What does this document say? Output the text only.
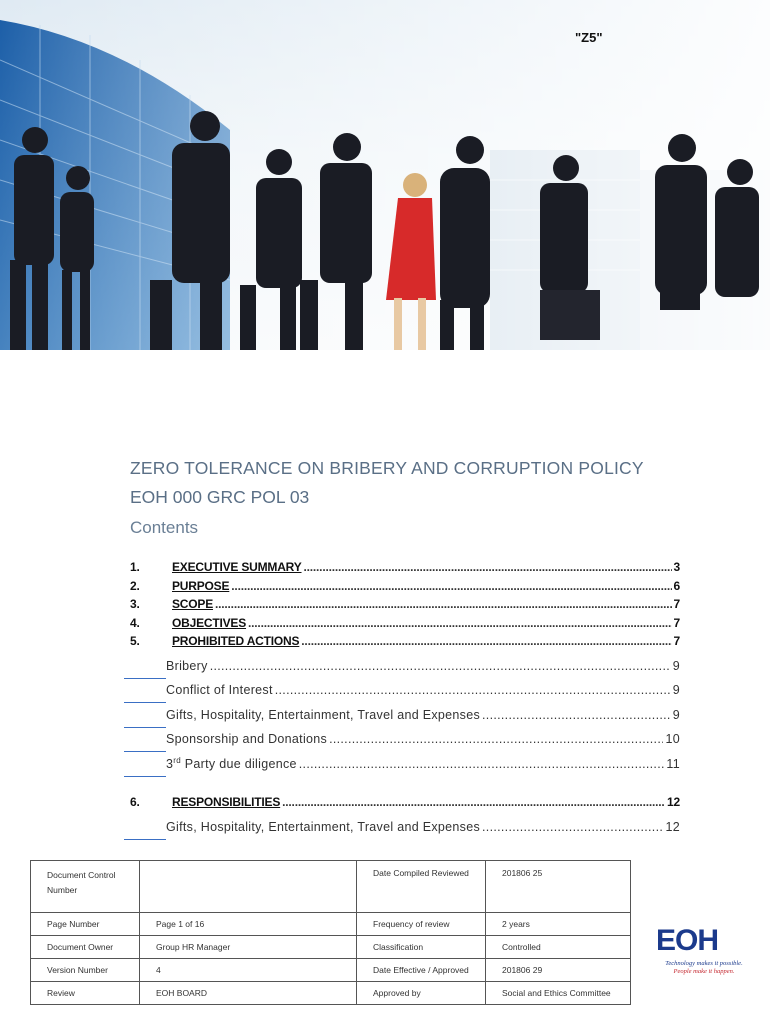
"Z5"
ZERO TOLERANCE ON BRIBERY AND CORRUPTION POLICY
EOH 000 GRC POL 03
Contents
1.	EXECUTIVE SUMMARY .....	3
2.	PURPOSE .....	6
3.	SCOPE .....	7
4.	OBJECTIVES .....	7
5.	PROHIBITED ACTIONS .....	7
Bribery .....	9
Conflict of Interest .....	9
Gifts, Hospitality, Entertainment, Travel and Expenses .....	9
Sponsorship and Donations .....	10
3rd Party due diligence .....	11
6.	RESPONSIBILITIES .....	12
Gifts, Hospitality, Entertainment, Travel and Expenses .....	12
Document Control Number		Date Compiled Reviewed	201806 25
Page Number	Page 1 of 16	Frequency of review	2 years
Document Owner	Group HR Manager	Classification	Controlled
Version Number	4	Date Effective / Approved	201806 29
Review	EOH BOARD	Approved by	Social and Ethics Committee
EOH
Technology makes it possible.
People make it happen.
